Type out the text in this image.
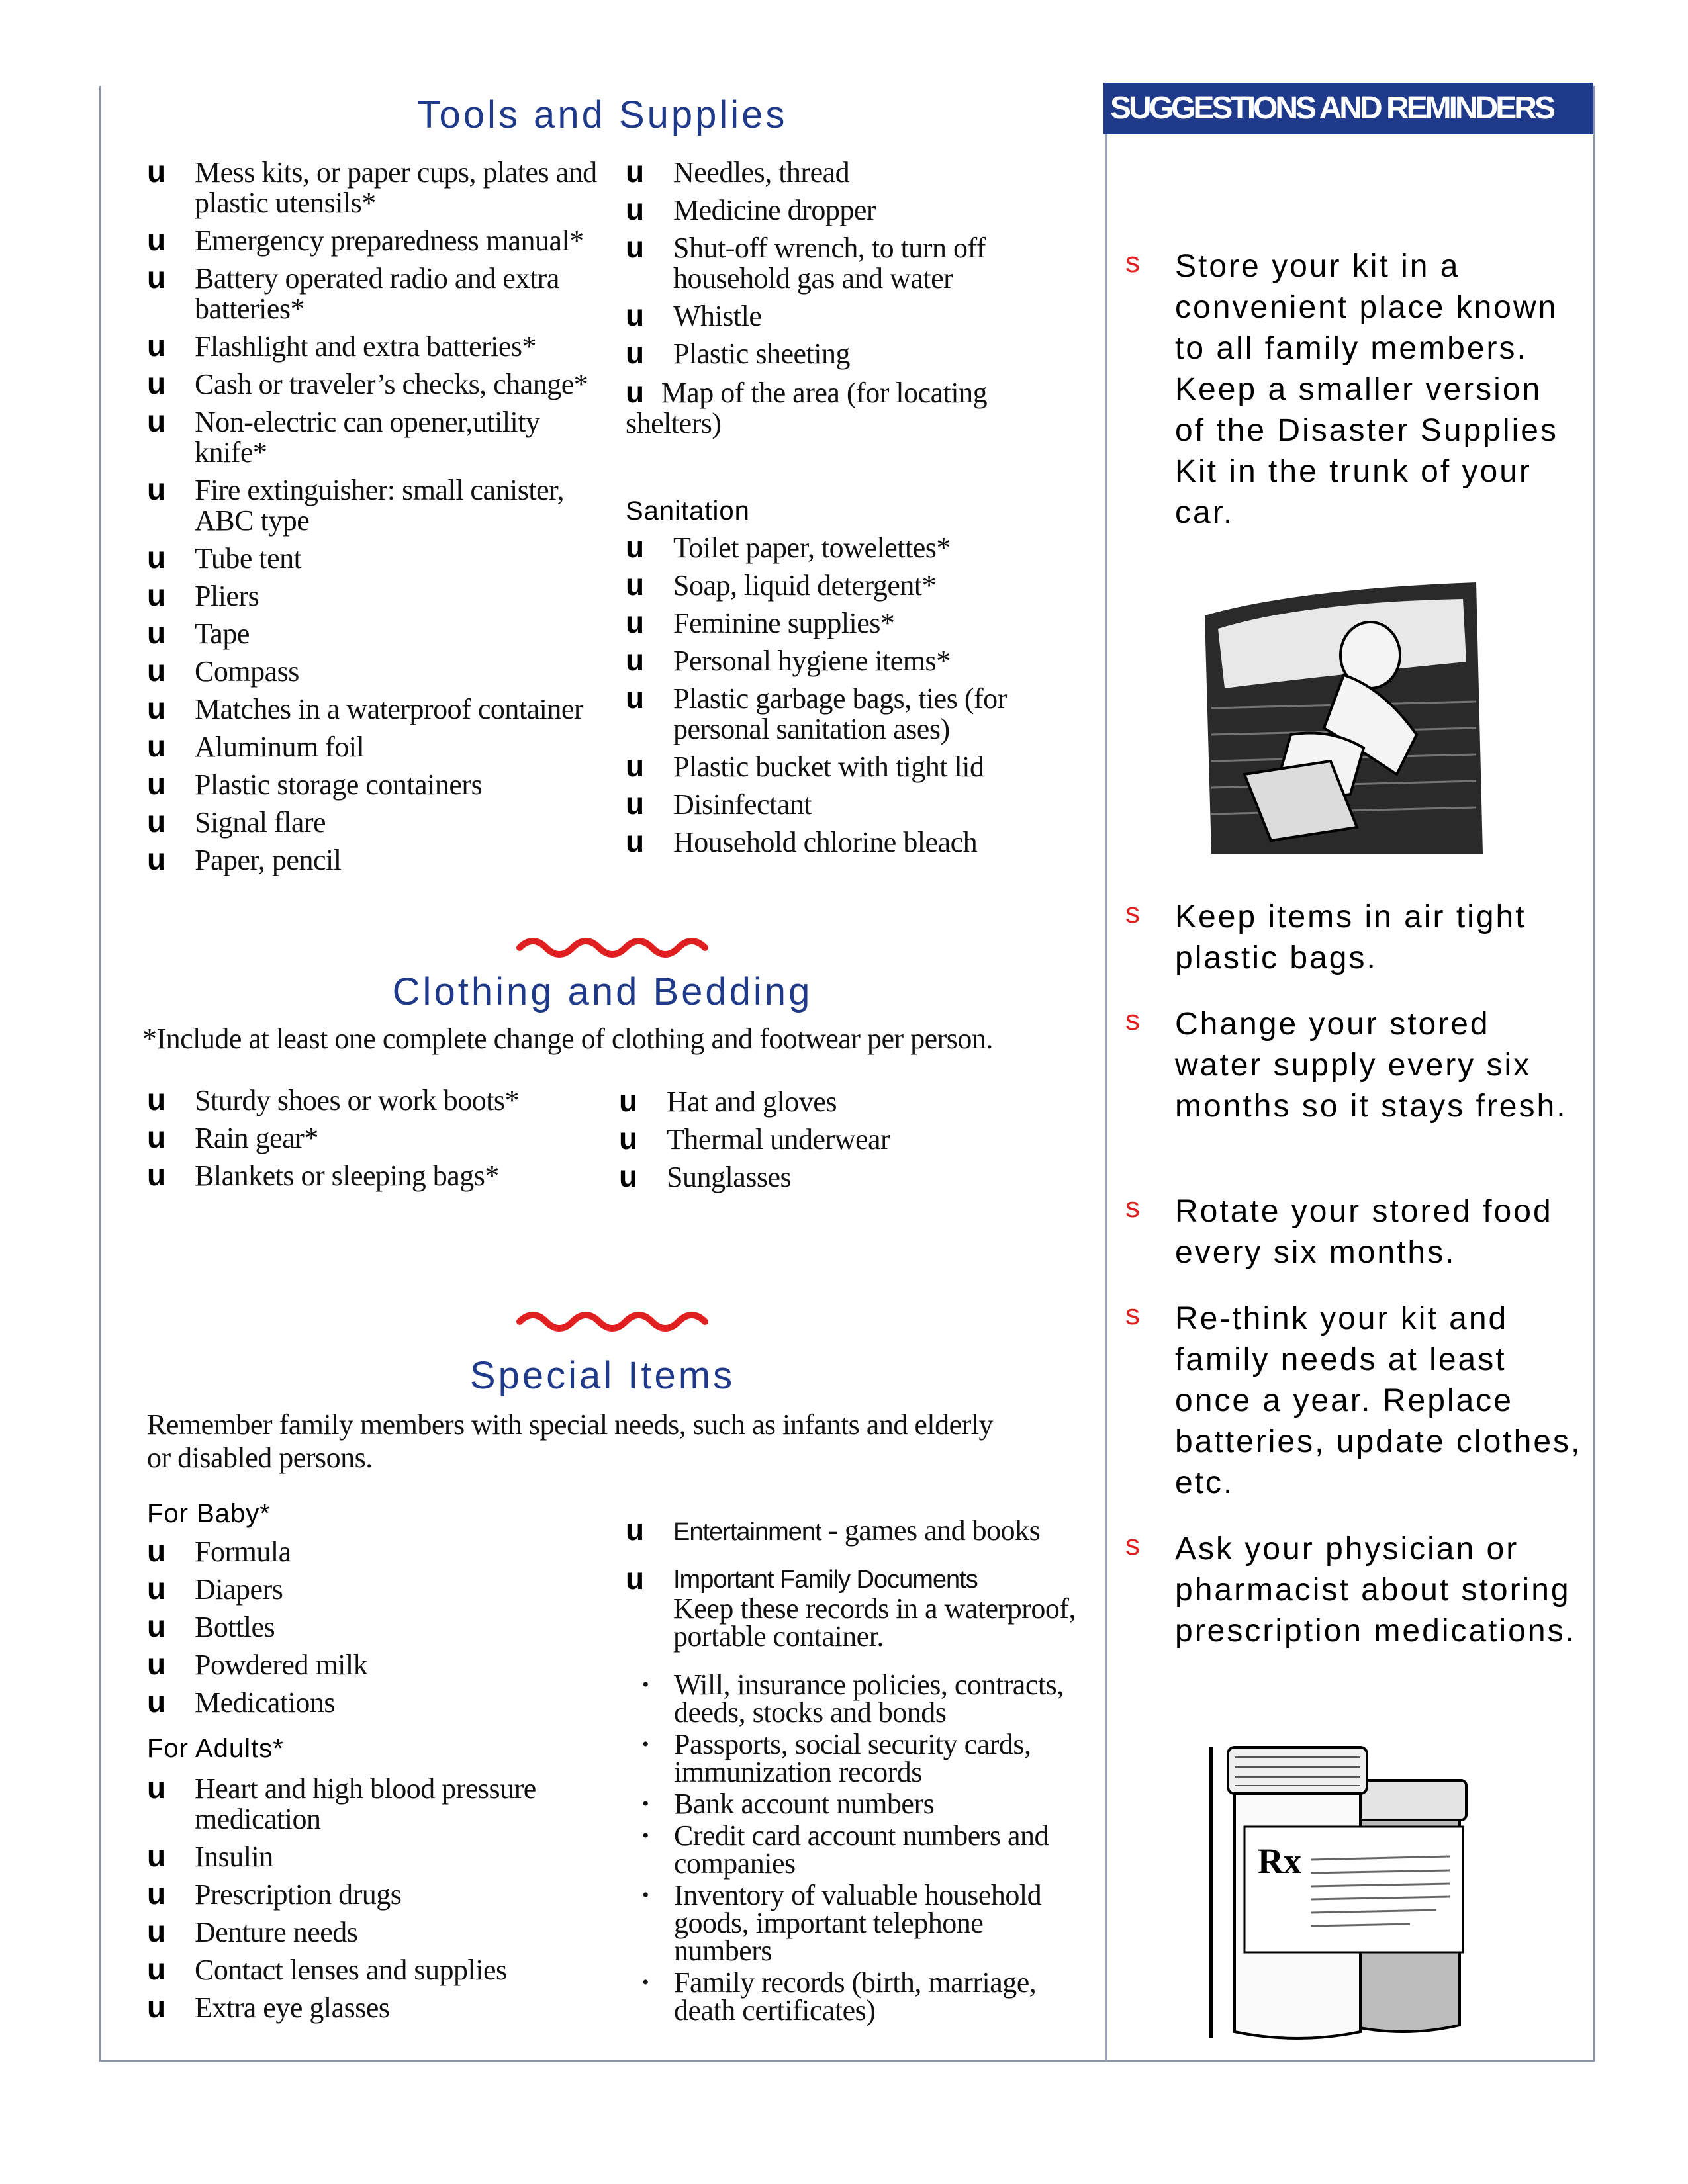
Tools and Supplies
u Mess kits, or paper cups, plates and plastic utensils*
u Emergency preparedness manual*
u Battery operated radio and extra batteries*
u Flashlight and extra batteries*
u Cash or traveler’s checks, change*
u Non-electric can opener,utility knife*
u Fire extinguisher: small canister, ABC type
u Tube tent
u Pliers
u Tape
u Compass
u Matches in a waterproof container
u Aluminum foil
u Plastic storage containers
u Signal flare
u Paper, pencil
u Needles, thread
u Medicine dropper
u Shut-off wrench, to turn off household gas and water
u Whistle
u Plastic sheeting
u Map of the area (for locating shelters)
Sanitation
u Toilet paper, towelettes*
u Soap, liquid detergent*
u Feminine supplies*
u Personal hygiene items*
u Plastic garbage bags, ties (for personal sanitation ases)
u Plastic bucket with tight lid
u Disinfectant
u Household chlorine bleach
Clothing and Bedding
*Include at least one complete change of clothing and footwear per person.
u Sturdy shoes or work boots*
u Rain gear*
u Blankets or sleeping bags*
u Hat and gloves
u Thermal underwear
u Sunglasses
Special Items
Remember family members with special needs, such as infants and elderly or disabled persons.
For Baby*
u Formula
u Diapers
u Bottles
u Powdered milk
u Medications
For Adults*
u Heart and high blood pressure medication
u Insulin
u Prescription drugs
u Denture needs
u Contact lenses and supplies
u Extra eye glasses
u Entertainment - games and books
u Important Family Documents
Keep these records in a waterproof, portable container.
• Will, insurance policies, contracts, deeds, stocks and bonds
• Passports, social security cards, immunization records
• Bank account numbers
• Credit card account numbers and companies
• Inventory of valuable household goods, important telephone numbers
• Family records (birth, marriage, death certificates)
SUGGESTIONS AND REMINDERS
s Store your kit in a convenient place known to all family members. Keep a smaller version of the Disaster Supplies Kit in the trunk of your car.
s Keep items in air tight plastic bags.
s Change your stored water supply every six months so it stays fresh.
s Rotate your stored food every six months.
s Re-think your kit and family needs at least once a year. Replace batteries, update clothes, etc.
s Ask your physician or pharmacist about storing prescription medications.
Rx
